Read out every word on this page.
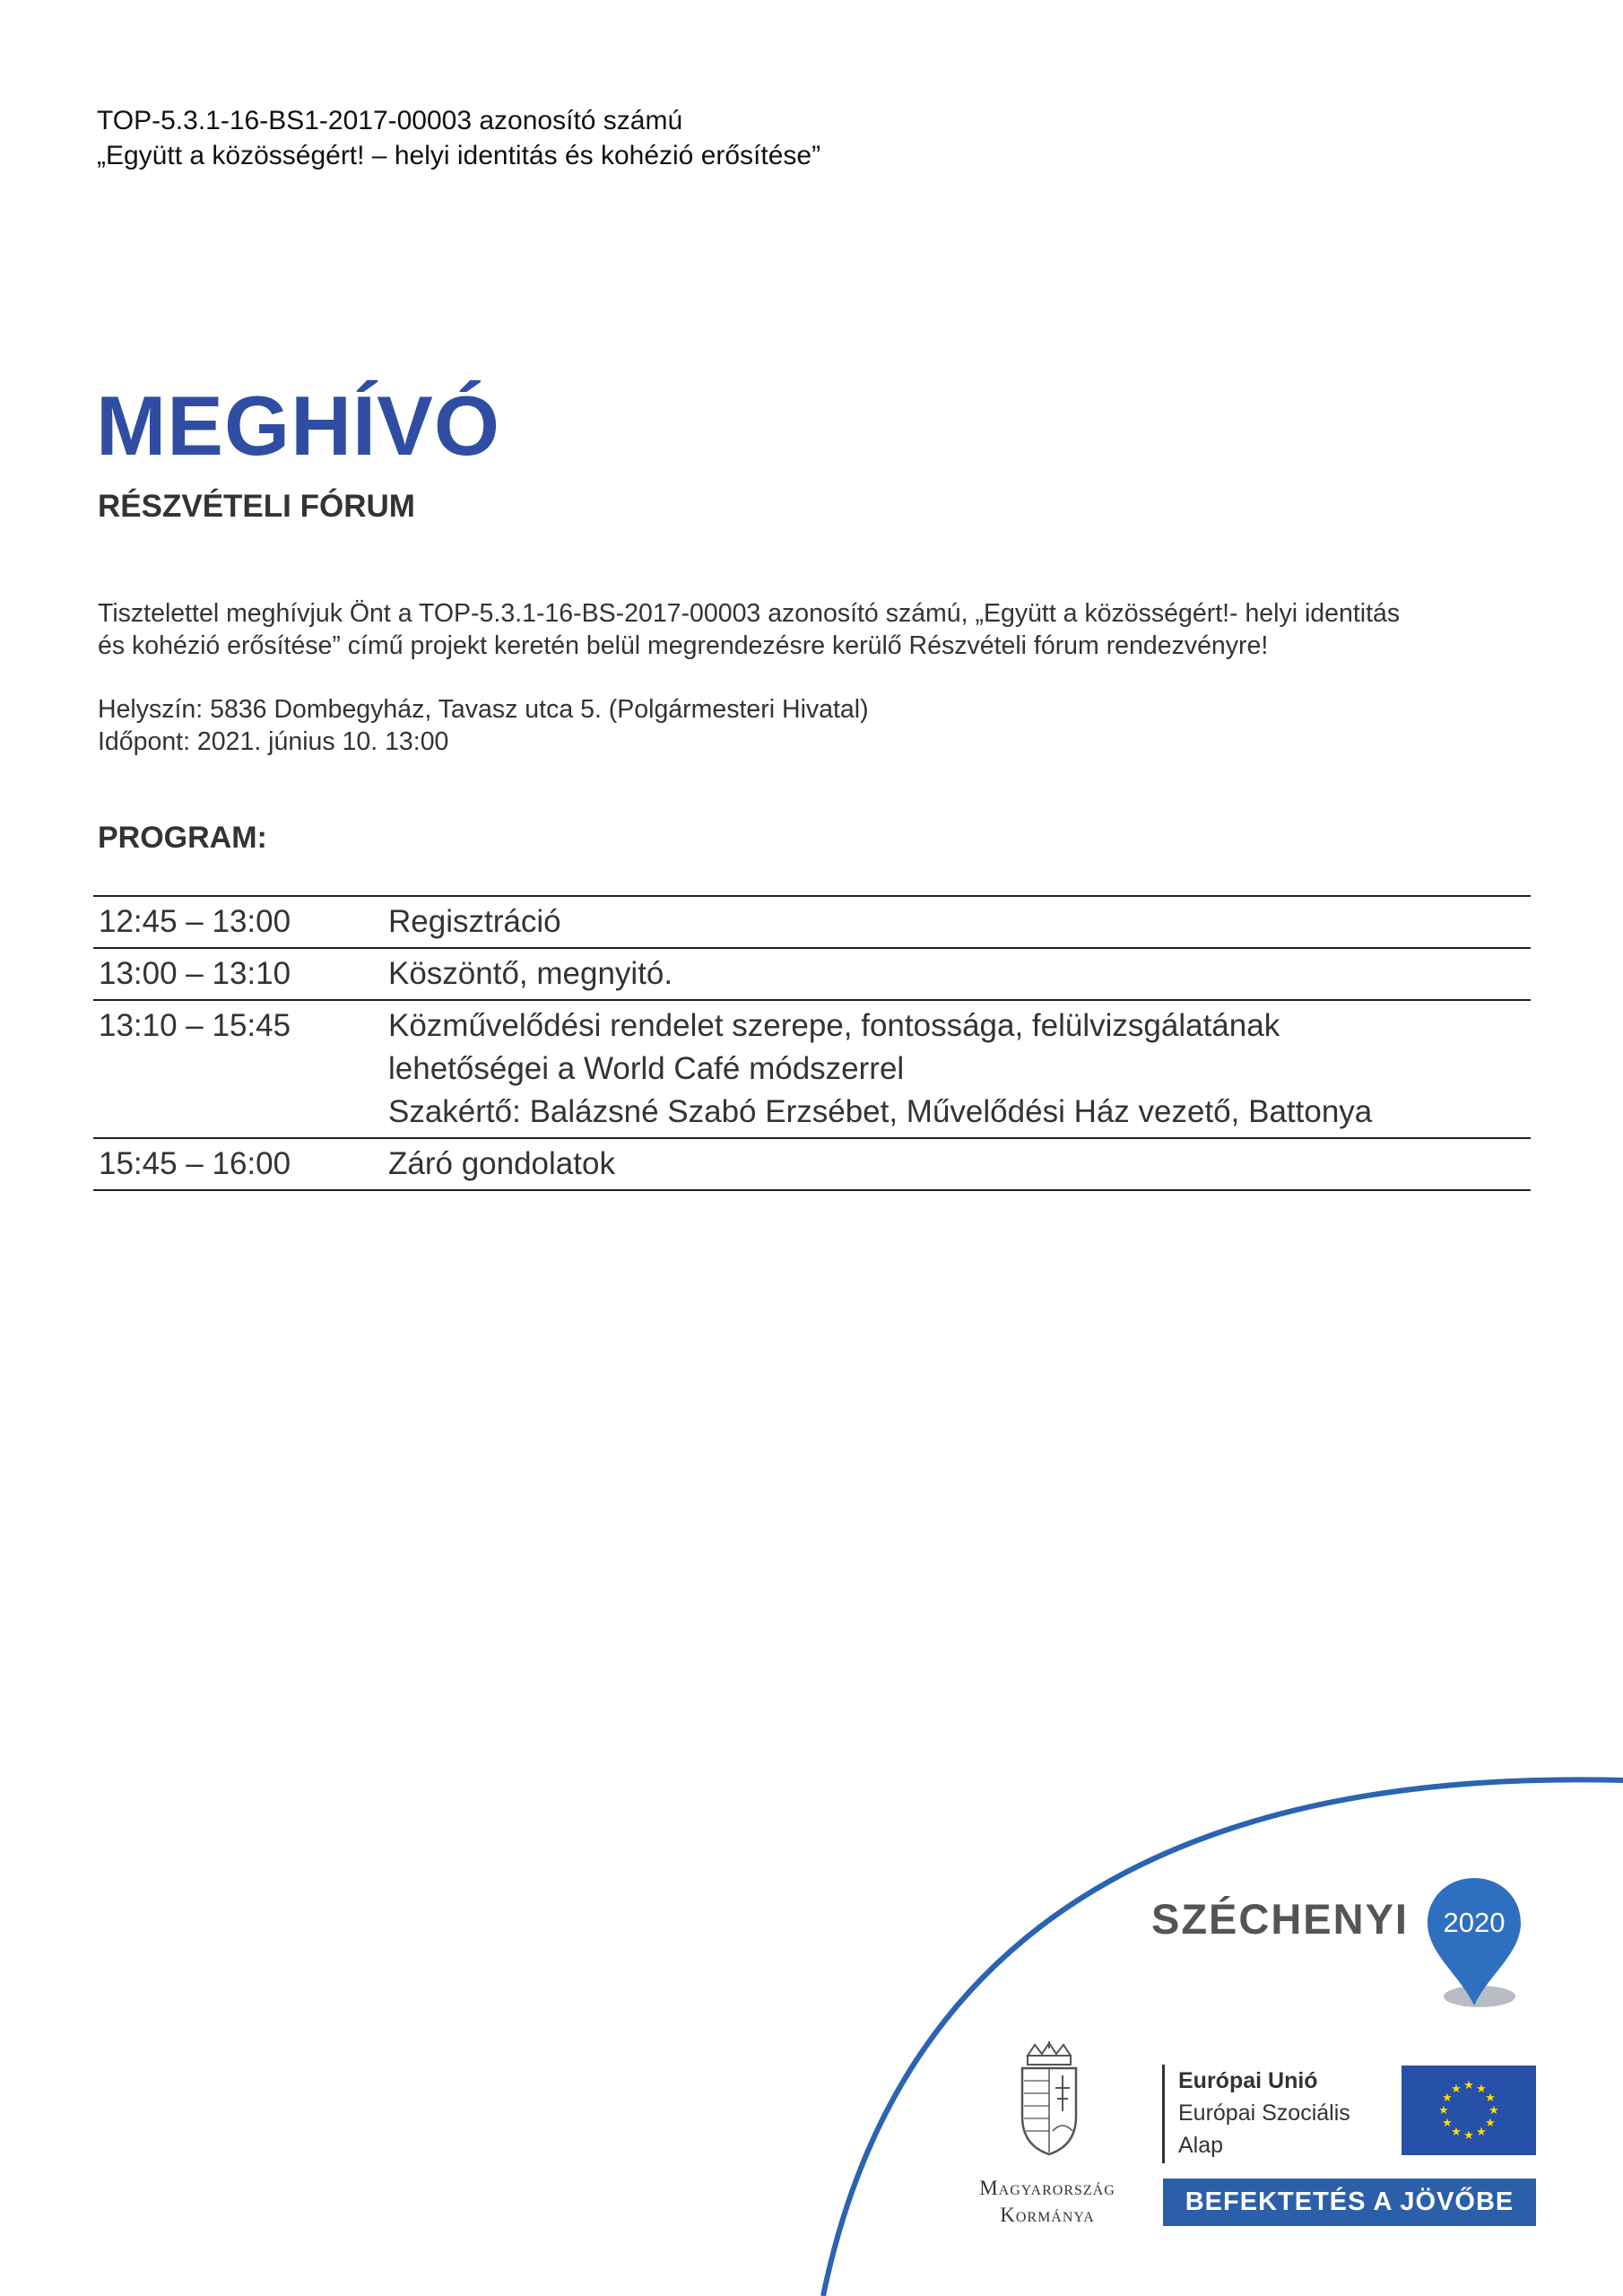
TOP-5.3.1-16-BS1-2017-00003 azonosító számú
„Együtt a közösségért! – helyi identitás és kohézió erősítése”
MEGHÍVÓ
RÉSZVÉTELI FÓRUM
Tisztelettel meghívjuk Önt a TOP-5.3.1-16-BS-2017-00003 azonosító számú, „Együtt a közösségért!- helyi identitás
és kohézió erősítése” című projekt keretén belül megrendezésre kerülő Részvételi fórum rendezvényre!
Helyszín: 5836 Dombegyház, Tavasz utca 5. (Polgármesteri Hivatal)
Időpont: 2021. június 10. 13:00
PROGRAM:
12:45 – 13:00	Regisztráció
13:00 – 13:10	Köszöntő, megnyitó.
13:10 – 15:45	Közművelődési rendelet szerepe, fontossága, felülvizsgálatának
lehetőségei a World Café módszerrel
Szakértő: Balázsné Szabó Erzsébet, Művelődési Ház vezető, Battonya
15:45 – 16:00	Záró gondolatok
SZÉCHENYI 2020
Magyarország
Kormánya
Európai Unió
Európai Szociális
Alap
★ ★
★
★
★
★
★
★
★
★
★
★
BEFEKTETÉS A JÖVŐBE
